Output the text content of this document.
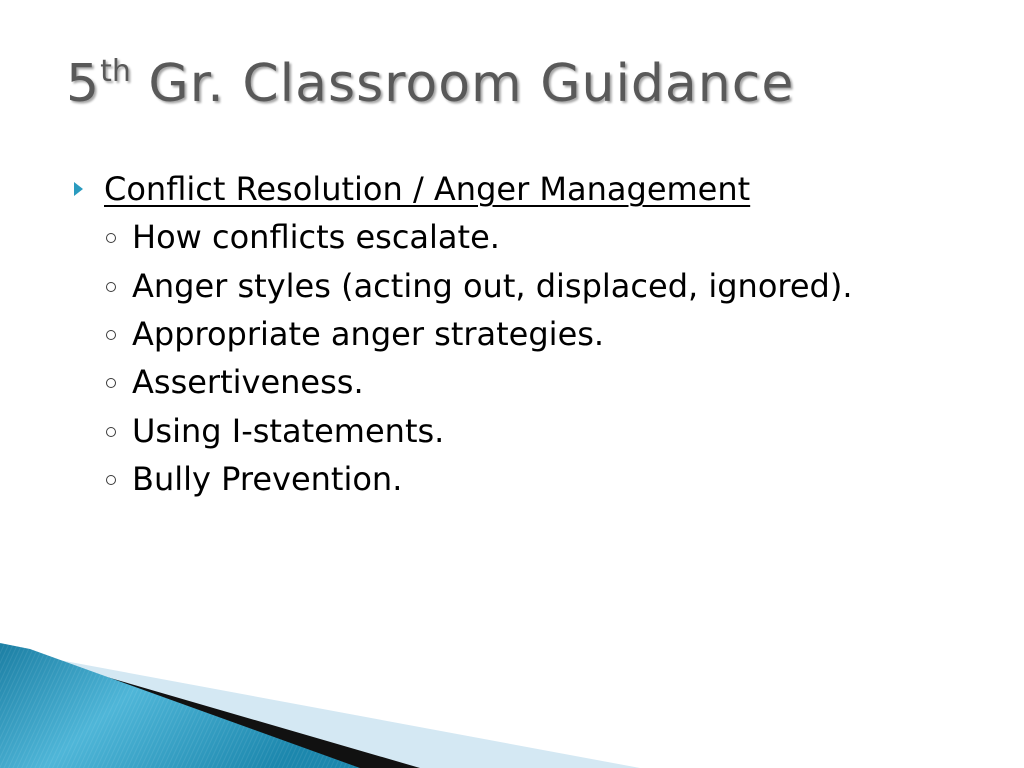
5th Gr. Classroom Guidance
Conflict Resolution / Anger Management
How conflicts escalate.
Anger styles (acting out, displaced, ignored).
Appropriate anger strategies.
Assertiveness.
Using I-statements.
Bully Prevention.
